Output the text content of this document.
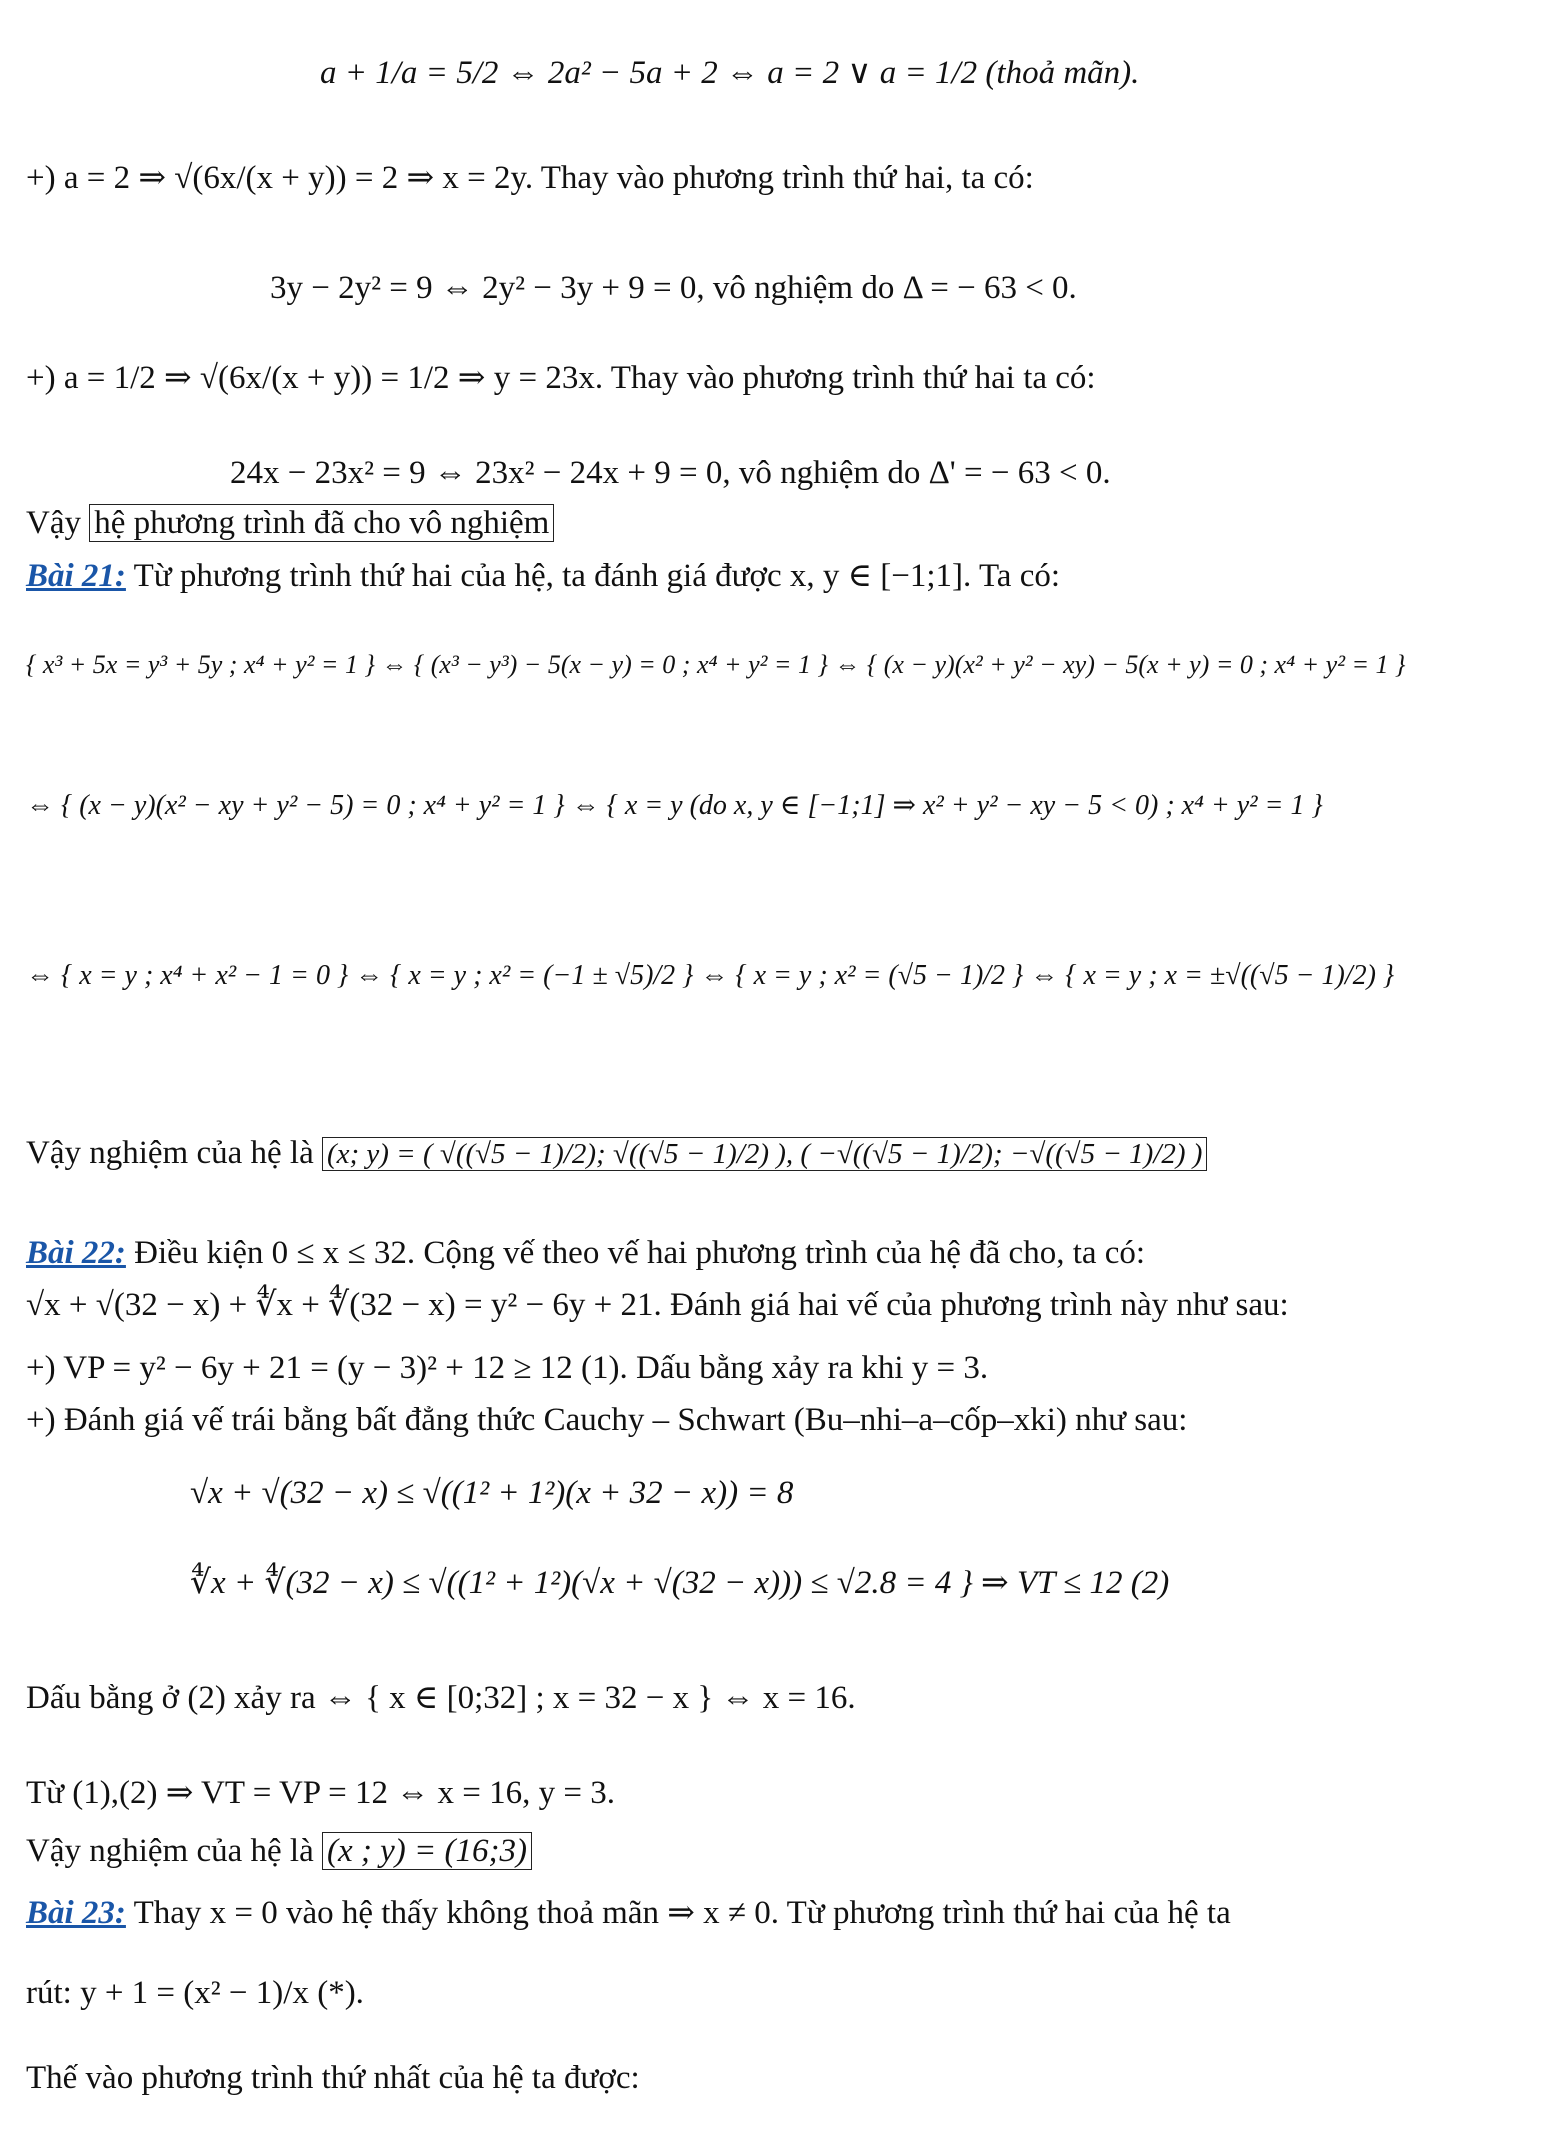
a + 1/a = 5/2 ⇔ 2a² − 5a + 2 ⇔ a = 2 ∨ a = 1/2 (thoả mãn).
+) a = 2 ⇒ √(6x/(x + y)) = 2 ⇒ x = 2y. Thay vào phương trình thứ hai, ta có:
3y − 2y² = 9 ⇔ 2y² − 3y + 9 = 0, vô nghiệm do Δ = − 63 < 0.
+) a = 1/2 ⇒ √(6x/(x + y)) = 1/2 ⇒ y = 23x. Thay vào phương trình thứ hai ta có:
24x − 23x² = 9 ⇔ 23x² − 24x + 9 = 0, vô nghiệm do Δ' = − 63 < 0.
Vậy hệ phương trình đã cho vô nghiệm
Bài 21: Từ phương trình thứ hai của hệ, ta đánh giá được x, y ∈ [−1;1]. Ta có:
{ x³ + 5x = y³ + 5y ; x⁴ + y² = 1 } ⇔ { (x³ − y³) − 5(x − y) = 0 ; x⁴ + y² = 1 } ⇔ { (x − y)(x² + y² − xy) − 5(x + y) = 0 ; x⁴ + y² = 1 }
⇔ { (x − y)(x² − xy + y² − 5) = 0 ; x⁴ + y² = 1 } ⇔ { x = y (do x, y ∈ [−1;1] ⇒ x² + y² − xy − 5 < 0) ; x⁴ + y² = 1 }
⇔ { x = y ; x⁴ + x² − 1 = 0 } ⇔ { x = y ; x² = (−1 ± √5)/2 } ⇔ { x = y ; x² = (√5 − 1)/2 } ⇔ { x = y ; x = ±√((√5 − 1)/2) }
Vậy nghiệm của hệ là (x; y) = ( √((√5 − 1)/2); √((√5 − 1)/2) ), ( −√((√5 − 1)/2); −√((√5 − 1)/2) )
Bài 22: Điều kiện 0 ≤ x ≤ 32. Cộng vế theo vế hai phương trình của hệ đã cho, ta có:
√x + √(32 − x) + ∜x + ∜(32 − x) = y² − 6y + 21. Đánh giá hai vế của phương trình này như sau:
+) VP = y² − 6y + 21 = (y − 3)² + 12 ≥ 12 (1). Dấu bằng xảy ra khi y = 3.
+) Đánh giá vế trái bằng bất đẳng thức Cauchy – Schwart (Bu–nhi–a–cốp–xki) như sau:
√x + √(32 − x) ≤ √((1² + 1²)(x + 32 − x)) = 8
∜x + ∜(32 − x) ≤ √((1² + 1²)(√x + √(32 − x))) ≤ √2.8 = 4 } ⇒ VT ≤ 12 (2)
Dấu bằng ở (2) xảy ra ⇔ { x ∈ [0;32] ; x = 32 − x } ⇔ x = 16.
Từ (1),(2) ⇒ VT = VP = 12 ⇔ x = 16, y = 3.
Vậy nghiệm của hệ là (x ; y) = (16;3)
Bài 23: Thay x = 0 vào hệ thấy không thoả mãn ⇒ x ≠ 0. Từ phương trình thứ hai của hệ ta
rút: y + 1 = (x² − 1)/x (*).
Thế vào phương trình thứ nhất của hệ ta được:
